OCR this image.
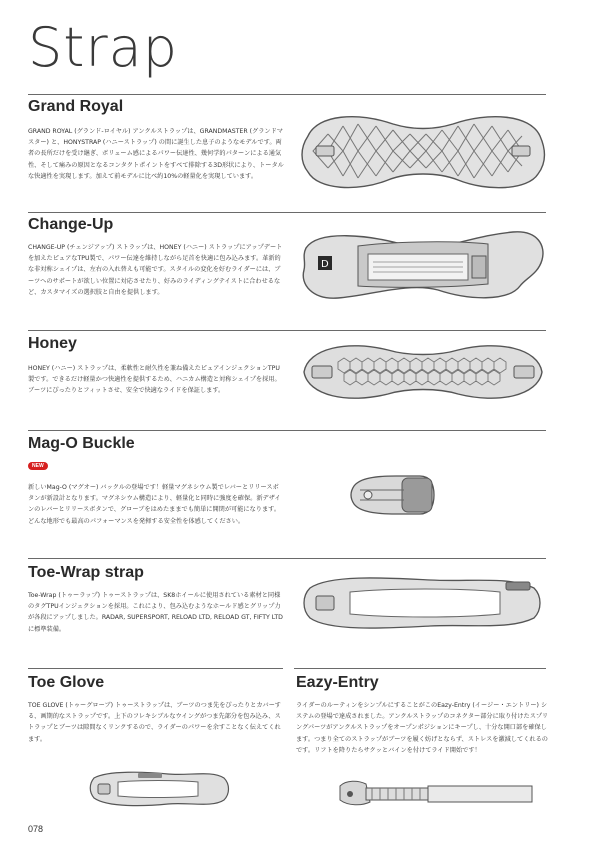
Strap
Grand Royal
GRAND ROYAL (グランド-ロイヤル) アンクルストラップは、GRANDMASTER (グランドマスター) と、HONYSTRAP (ハニーストラップ) の間に誕生した息子のようなモデルです。両者の長所だけを受け継ぎ、ボリューム感によるパワー伝達性、幾何学的パターンによる通気性、そして痛みの原因となるコンタクトポイントをすべて排除する3D形状により、トータルな快適性を実現します。加えて前モデルに比べ約10%の軽量化を実現しています。
Change-Up
CHANGE-UP (チェンジアップ) ストラップは、HONEY (ハニー) ストラップにアップデートを加えたピュアなTPU製で、パワー伝達を維持しながら足首を快適に包み込みます。革新的な非対称シェイプは、左右の入れ替えも可能です。スタイルの変化を好むライダーには、ブーツへのサポートが欲しい位置に対応させたり、好みのライディングテイストに合わせるなど、カスタマイズの選択肢と自由を提供します。
D
Honey
HONEY (ハニー) ストラップは、柔軟性と耐久性を兼ね備えたピュアインジェクションTPU製です。できるだけ軽量かつ快適性を提供するため、ハニカム構造と対称シェイプを採用。ブーツにぴったりとフィットさせ、安全で快適なライドを保証します。
Mag-O Buckle
NEW
新しいMag-O (マグオー) バックルの登場です！軽量マグネシウム製でレバーとリリースボタンが新設計となります。マグネシウム構造により、軽量化と同時に強度を確保。新デザインのレバーとリリースボタンで、グローブをはめたままでも簡単に開閉が可能になります。どんな地形でも最高のパフォーマンスを発揮する安全性を体感してください。
Toe-Wrap strap
Toe-Wrap (トゥーラップ) トゥーストラップは、SK8ホイールに使用されている素材と同様のタグTPUインジェクションを採用。これにより、包み込むようなホールド感とグリップ力が各段にアップしました。RADAR, SUPERSPORT, RELOAD LTD, RELOAD GT, FIFTY LTDに標準装備。
Toe Glove
TOE GLOVE (トゥーグローブ) トゥーストラップは、ブーツのつま先をぴったりとカバーする、画期的なストラップです。上下のフレキシブルなウイングがつま先部分を包み込み、ストラップとブーツは隙間なくリンクするので、ライダーのパワーを余すことなく伝えてくれます。
Eazy-Entry
ライダーのルーティンをシンプルにすることがこのEazy-Entry (イージー・エントリー) システムの登場で達成されました。アンクルストラップのコネクター部分に取り付けたスプリングパーツがアンクルストラップをオープンポジションにキープし、十分な開口部を確保します。つまり全てのストラップがブーツを履く妨げとならず、ストレスを激減してくれるのです。リフトを降りたらサクッとバインを付けてライド開始です！
078
